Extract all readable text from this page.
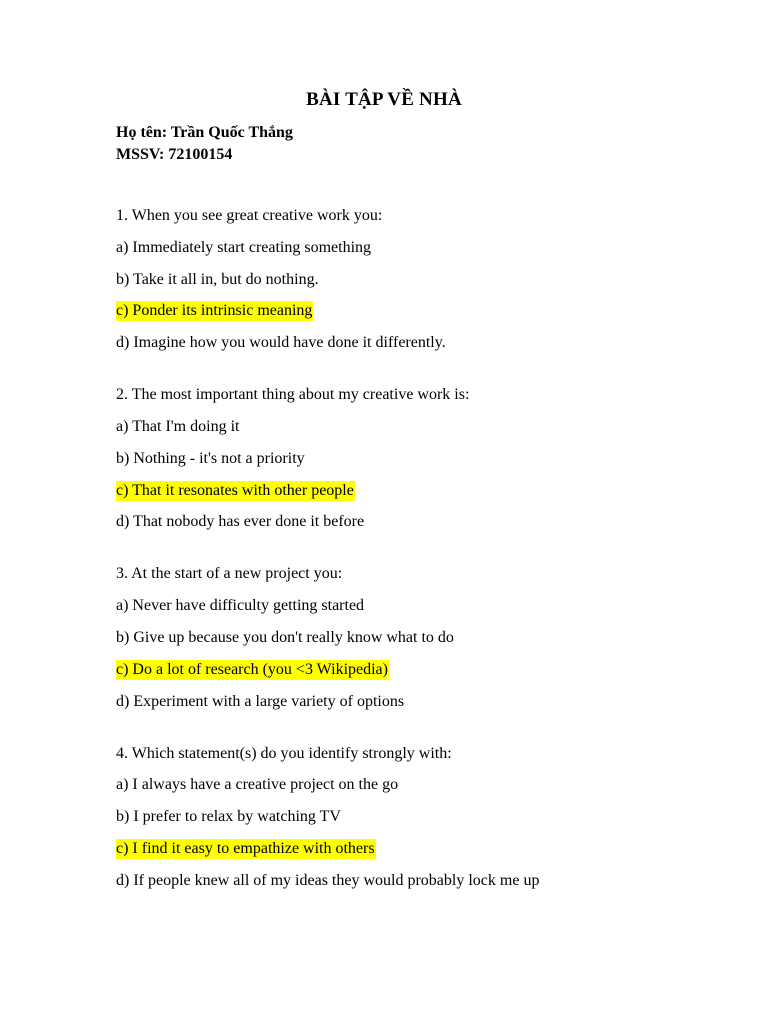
BÀI TẬP VỀ NHÀ
Họ tên: Trần Quốc Thắng
MSSV: 72100154
1. When you see great creative work you:
a) Immediately start creating something
b) Take it all in, but do nothing.
c) Ponder its intrinsic meaning
d) Imagine how you would have done it differently.
2. The most important thing about my creative work is:
a) That I'm doing it
b) Nothing - it's not a priority
c) That it resonates with other people
d) That nobody has ever done it before
3. At the start of a new project you:
a) Never have difficulty getting started
b) Give up because you don't really know what to do
c) Do a lot of research (you <3 Wikipedia)
d) Experiment with a large variety of options
4. Which statement(s) do you identify strongly with:
a) I always have a creative project on the go
b) I prefer to relax by watching TV
c) I find it easy to empathize with others
d) If people knew all of my ideas they would probably lock me up
